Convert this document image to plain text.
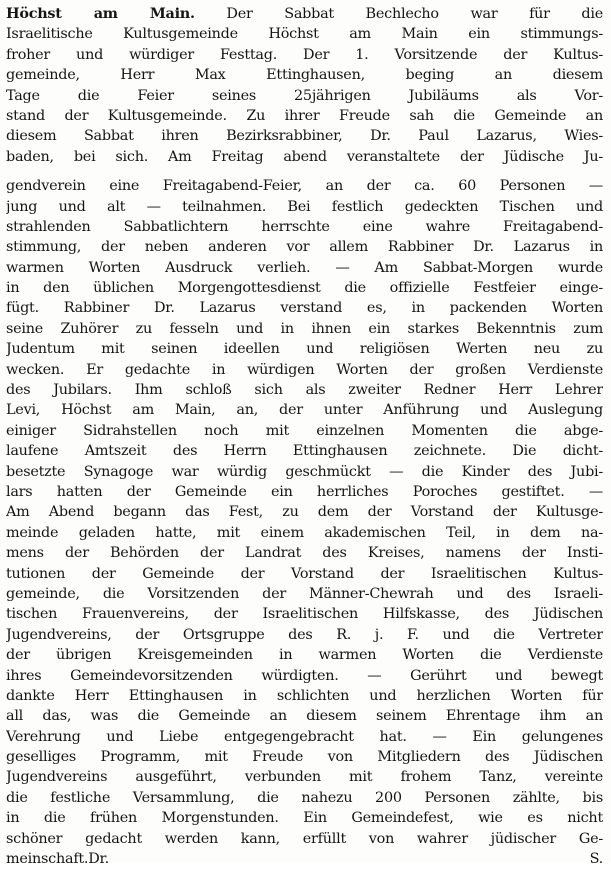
Höchst am Main. Der Sabbat Bechlecho war für die
Israelitische Kultusgemeinde Höchst am Main ein stimmungs-
froher und würdiger Festtag. Der 1. Vorsitzende der Kultus-
gemeinde, Herr Max Ettinghausen, beging an diesem
Tage die Feier seines 25jährigen Jubiläums als Vor-
stand der Kultusgemeinde. Zu ihrer Freude sah die Gemeinde an
diesem Sabbat ihren Bezirksrabbiner, Dr. Paul Lazarus, Wies-
baden, bei sich. Am Freitag abend veranstaltete der Jüdische Ju-
gendverein eine Freitagabend-Feier, an der ca. 60 Personen —
jung und alt — teilnahmen. Bei festlich gedeckten Tischen und
strahlenden Sabbatlichtern herrschte eine wahre Freitagabend-
stimmung, der neben anderen vor allem Rabbiner Dr. Lazarus in
warmen Worten Ausdruck verlieh. — Am Sabbat-Morgen wurde
in den üblichen Morgengottesdienst die offizielle Festfeier einge-
fügt. Rabbiner Dr. Lazarus verstand es, in packenden Worten
seine Zuhörer zu fesseln und in ihnen ein starkes Bekenntnis zum
Judentum mit seinen ideellen und religiösen Werten neu zu
wecken. Er gedachte in würdigen Worten der großen Verdienste
des Jubilars. Ihm schloß sich als zweiter Redner Herr Lehrer
Levi, Höchst am Main, an, der unter Anführung und Auslegung
einiger Sidrahstellen noch mit einzelnen Momenten die abge-
laufene Amtszeit des Herrn Ettinghausen zeichnete. Die dicht-
besetzte Synagoge war würdig geschmückt — die Kinder des Jubi-
lars hatten der Gemeinde ein herrliches Poroches gestiftet. —
Am Abend begann das Fest, zu dem der Vorstand der Kultusge-
meinde geladen hatte, mit einem akademischen Teil, in dem na-
mens der Behörden der Landrat des Kreises, namens der Insti-
tutionen der Gemeinde der Vorstand der Israelitischen Kultus-
gemeinde, die Vorsitzenden der Männer-Chewrah und des Israeli-
tischen Frauenvereins, der Israelitischen Hilfskasse, des Jüdischen
Jugendvereins, der Ortsgruppe des R. j. F. und die Vertreter
der übrigen Kreisgemeinden in warmen Worten die Verdienste
ihres Gemeindevorsitzenden würdigten. — Gerührt und bewegt
dankte Herr Ettinghausen in schlichten und herzlichen Worten für
all das, was die Gemeinde an diesem seinem Ehrentage ihm an
Verehrung und Liebe entgegengebracht hat. — Ein gelungenes
geselliges Programm, mit Freude von Mitgliedern des Jüdischen
Jugendvereins ausgeführt, verbunden mit frohem Tanz, vereinte
die festliche Versammlung, die nahezu 200 Personen zählte, bis
in die frühen Morgenstunden. Ein Gemeindefest, wie es nicht
schöner gedacht werden kann, erfüllt von wahrer jüdischer Ge-
meinschaft.Dr. S.
